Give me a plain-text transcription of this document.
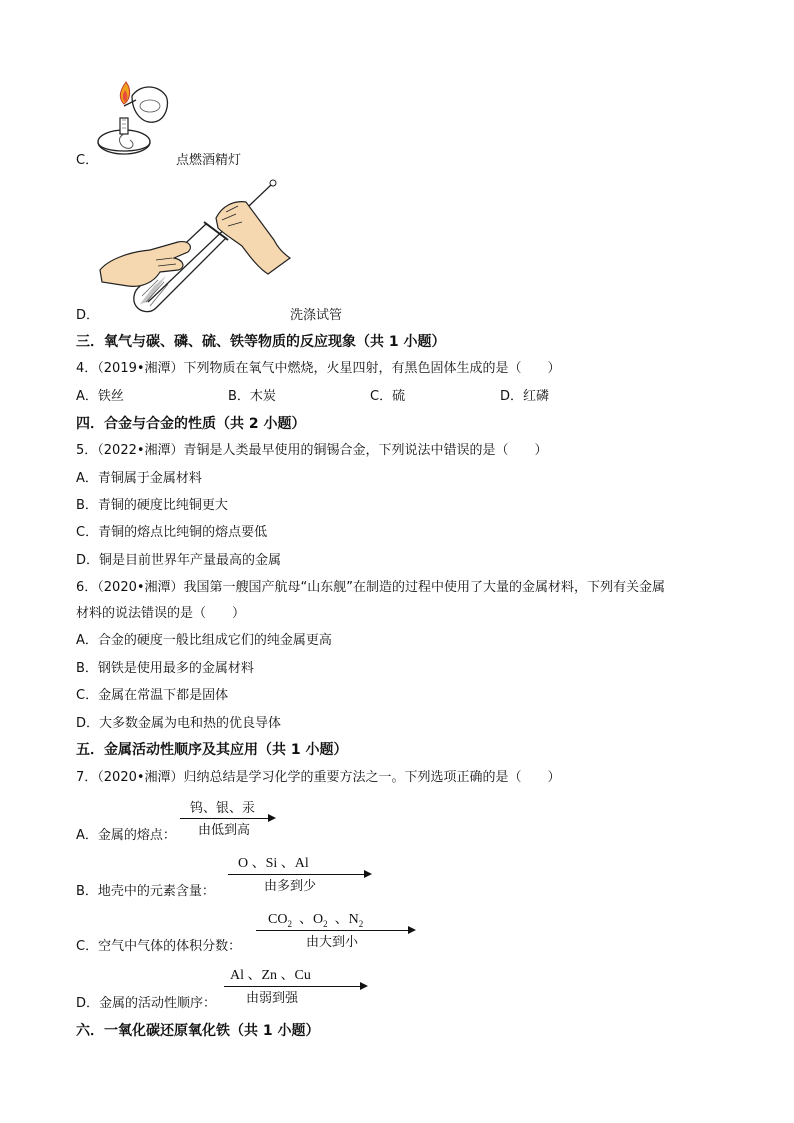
C．	点燃酒精灯
D．	洗涤试管
三．氧气与碳、磷、硫、铁等物质的反应现象（共 1 小题）
4．（2019•湘潭）下列物质在氧气中燃烧，火星四射，有黑色固体生成的是（　　）
A．铁丝	B．木炭	C．硫	D．红磷
四．合金与合金的性质（共 2 小题）
5．（2022•湘潭）青铜是人类最早使用的铜锡合金，下列说法中错误的是（　　）
A．青铜属于金属材料
B．青铜的硬度比纯铜更大
C．青铜的熔点比纯铜的熔点要低
D．铜是目前世界年产量最高的金属
6．（2020•湘潭）我国第一艘国产航母“山东舰”在制造的过程中使用了大量的金属材料，下列有关金属
材料的说法错误的是（　　）
A．合金的硬度一般比组成它们的纯金属更高
B．钢铁是使用最多的金属材料
C．金属在常温下都是固体
D．大多数金属为电和热的优良导体
五．金属活动性顺序及其应用（共 1 小题）
7．（2020•湘潭）归纳总结是学习化学的重要方法之一。下列选项正确的是（　　）
A．金属的熔点：
钨、银、汞
由低到高
B．地壳中的元素含量：
O 、Si 、Al
由多到少
C．空气中气体的体积分数：
$CO_2$ 、$O_2$ 、$N_2$
由大到小
D．金属的活动性顺序：
Al 、Zn 、Cu
由弱到强
六．一氧化碳还原氧化铁（共 1 小题）
